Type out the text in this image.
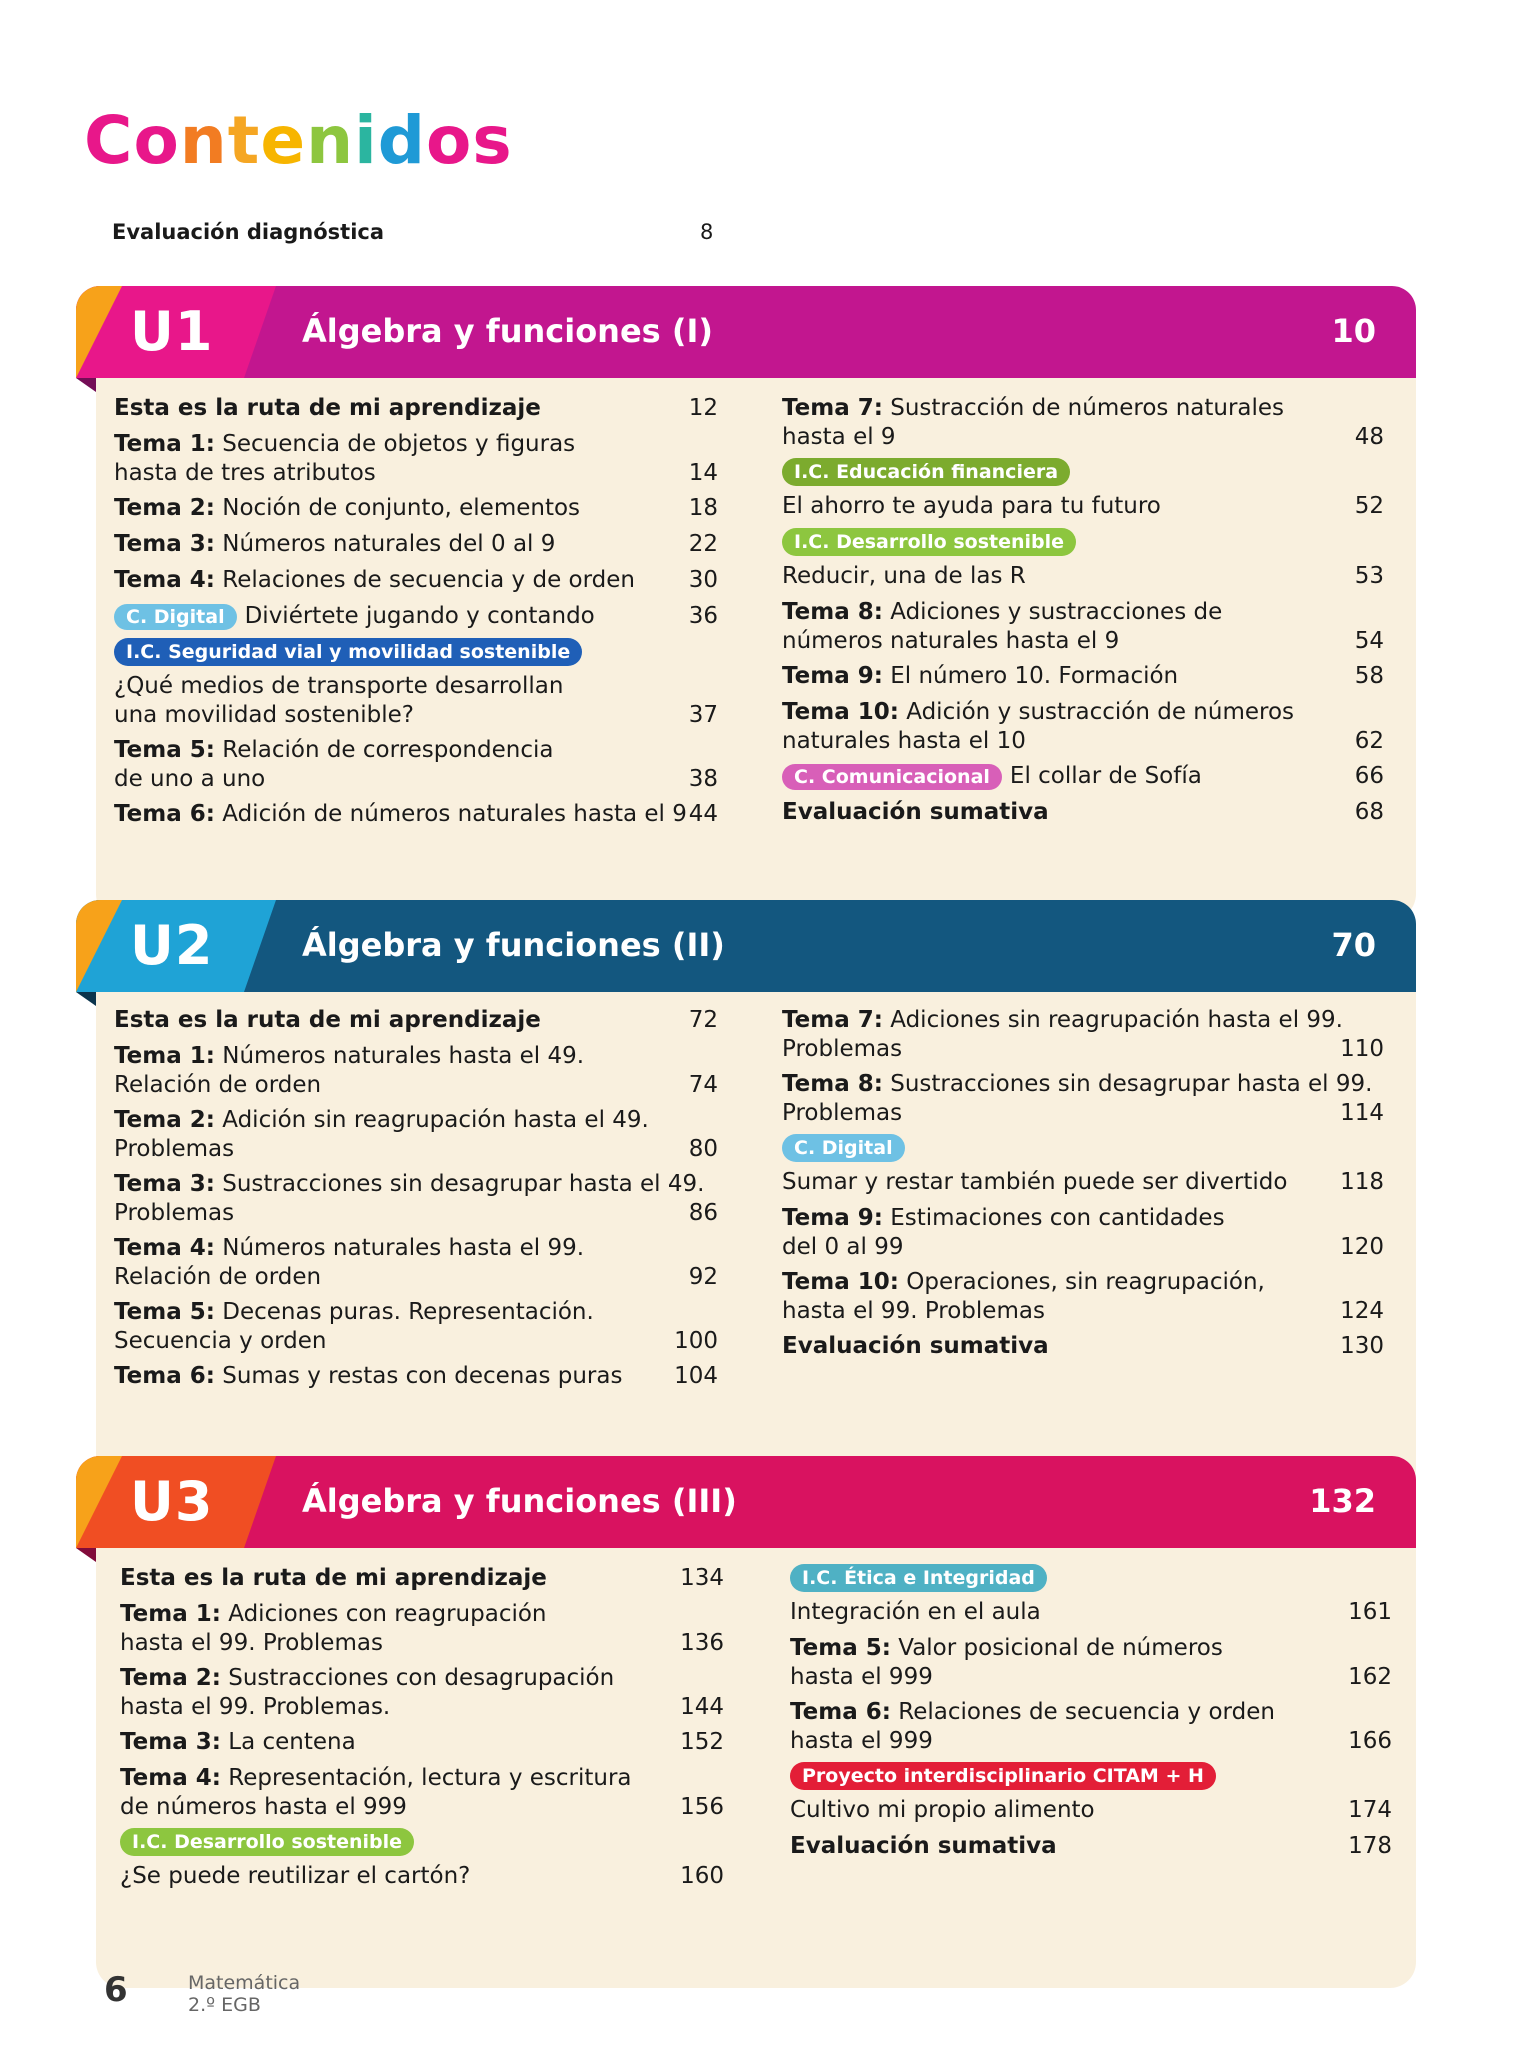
Contenidos
Evaluación diagnóstica	8
U1	Álgebra y funciones (I)	10
Esta es la ruta de mi aprendizaje	12
Tema 1: Secuencia de objetos y figuras
hasta de tres atributos	14
Tema 2: Noción de conjunto, elementos	18
Tema 3: Números naturales del 0 al 9	22
Tema 4: Relaciones de secuencia y de orden 30
C. Digital Diviértete jugando y contando	36
I.C. Seguridad vial y movilidad sostenible
¿Qué medios de transporte desarrollan
una movilidad sostenible?	37
Tema 5: Relación de correspondencia
de uno a uno	38
Tema 6: Adición de números naturales hasta el 9 44
Tema 7: Sustracción de números naturales
hasta el 9	48
I.C. Educación financiera
El ahorro te ayuda para tu futuro	52
I.C. Desarrollo sostenible
Reducir, una de las R	53
Tema 8: Adiciones y sustracciones de
números naturales hasta el 9	54
Tema 9: El número 10. Formación	58
Tema 10: Adición y sustracción de números
naturales hasta el 10	62
C. Comunicacional El collar de Sofía	66
Evaluación sumativa	68
U2	Álgebra y funciones (II)	70
Esta es la ruta de mi aprendizaje	72
Tema 1: Números naturales hasta el 49.
Relación de orden	74
Tema 2: Adición sin reagrupación hasta el 49.
Problemas	80
Tema 3: Sustracciones sin desagrupar hasta el 49.
Problemas	86
Tema 4: Números naturales hasta el 99.
Relación de orden	92
Tema 5: Decenas puras. Representación.
Secuencia y orden	100
Tema 6: Sumas y restas con decenas puras 104
Tema 7: Adiciones sin reagrupación hasta el 99.
Problemas	110
Tema 8: Sustracciones sin desagrupar hasta el 99.
Problemas	114
C. Digital
Sumar y restar también puede ser divertido 118
Tema 9: Estimaciones con cantidades
del 0 al 99	120
Tema 10: Operaciones, sin reagrupación,
hasta el 99. Problemas	124
Evaluación sumativa	130
U3	Álgebra y funciones (III)	132
Esta es la ruta de mi aprendizaje	134
Tema 1: Adiciones con reagrupación
hasta el 99. Problemas	136
Tema 2: Sustracciones con desagrupación
hasta el 99. Problemas.	144
Tema 3: La centena	152
Tema 4: Representación, lectura y escritura
de números hasta el 999	156
I.C. Desarrollo sostenible
¿Se puede reutilizar el cartón?	160
I.C. Ética e Integridad
Integración en el aula	161
Tema 5: Valor posicional de números
hasta el 999	162
Tema 6: Relaciones de secuencia y orden
hasta el 999	166
Proyecto interdisciplinario CITAM + H
Cultivo mi propio alimento	174
Evaluación sumativa	178
6	Matemática
2.º EGB
